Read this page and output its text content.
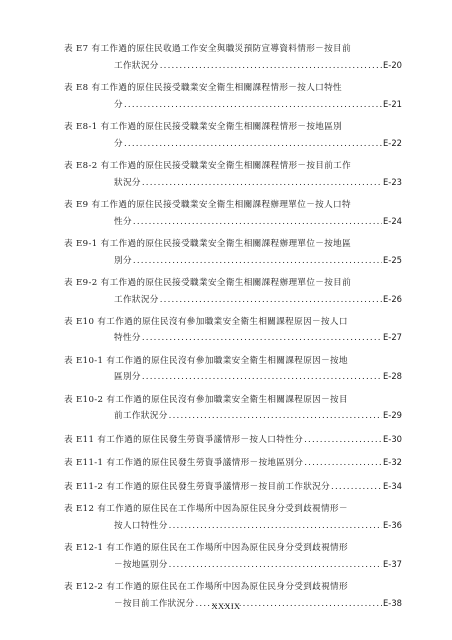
表 E7 有工作過的原住民收過工作安全與職災預防宣導資料情形－按目前
工作狀況分 .....	E-20
表 E8 有工作過的原住民接受職業安全衛生相關課程情形－按人口特性
分 .....	E-21
表 E8-1 有工作過的原住民接受職業安全衛生相關課程情形－按地區別
分 .....	E-22
表 E8-2 有工作過的原住民接受職業安全衛生相關課程情形－按目前工作
狀況分 .....	E-23
表 E9 有工作過的原住民接受職業安全衛生相關課程辦理單位－按人口特
性分 .....	E-24
表 E9-1 有工作過的原住民接受職業安全衛生相關課程辦理單位－按地區
別分 .....	E-25
表 E9-2 有工作過的原住民接受職業安全衛生相關課程辦理單位－按目前
工作狀況分 .....	E-26
表 E10 有工作過的原住民沒有參加職業安全衛生相關課程原因－按人口
特性分 .....	E-27
表 E10-1 有工作過的原住民沒有參加職業安全衛生相關課程原因－按地
區別分 .....	E-28
表 E10-2 有工作過的原住民沒有參加職業安全衛生相關課程原因－按目
前工作狀況分 .....	E-29
表 E11 有工作過的原住民發生勞資爭議情形－按人口特性分 .....	E-30
表 E11-1 有工作過的原住民發生勞資爭議情形－按地區別分 .....	E-32
表 E11-2 有工作過的原住民發生勞資爭議情形－按目前工作狀況分 .....	E-34
表 E12 有工作過的原住民在工作場所中因為原住民身分受到歧視情形－
按人口特性分 .....	E-36
表 E12-1 有工作過的原住民在工作場所中因為原住民身分受到歧視情形
－按地區別分 .....	E-37
表 E12-2 有工作過的原住民在工作場所中因為原住民身分受到歧視情形
－按目前工作狀況分 .....	E-38
XXXIX
